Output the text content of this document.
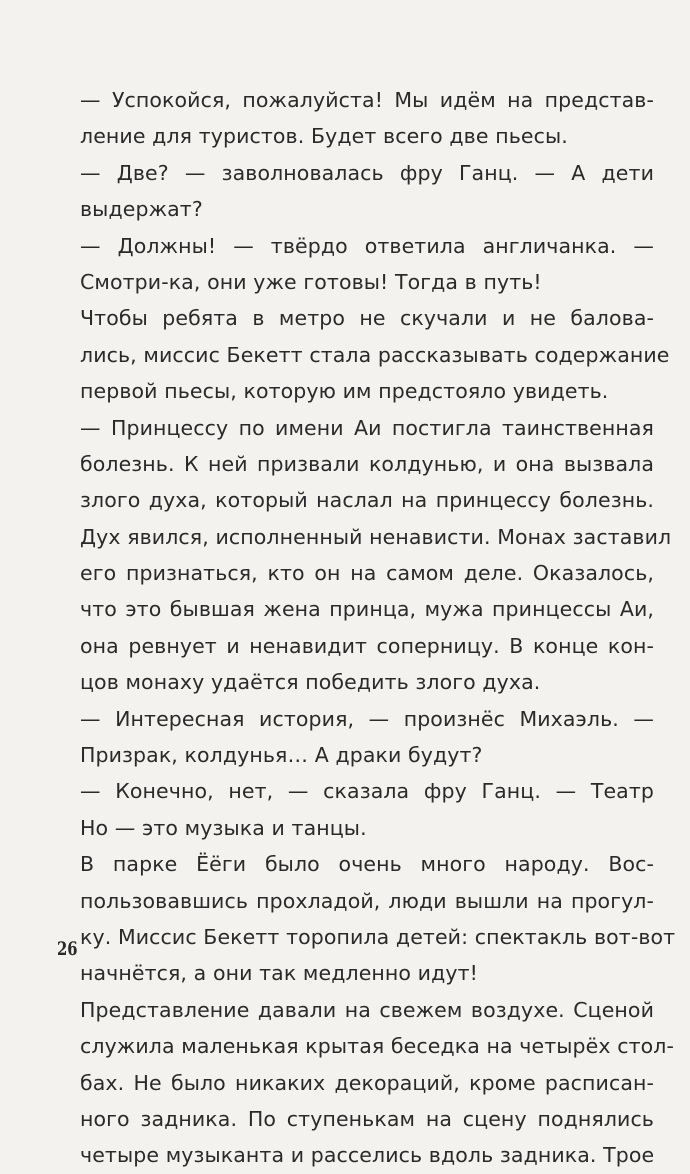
— Успокойся, пожалуйста! Мы идём на представ-
ление для туристов. Будет всего две пьесы.
— Две? — заволновалась фру Ганц. — А дети
выдержат?
— Должны! — твёрдо ответила англичанка. —
Смотри-ка, они уже готовы! Тогда в путь!
Чтобы ребята в метро не скучали и не балова-
лись, миссис Бекетт стала рассказывать содержание
первой пьесы, которую им предстояло увидеть.
— Принцессу по имени Аи постигла таинственная
болезнь. К ней призвали колдунью, и она вызвала
злого духа, который наслал на принцессу болезнь.
Дух явился, исполненный ненависти. Монах заставил
его признаться, кто он на самом деле. Оказалось,
что это бывшая жена принца, мужа принцессы Аи,
она ревнует и ненавидит соперницу. В конце кон-
цов монаху удаётся победить злого духа.
— Интересная история, — произнёс Михаэль. —
Призрак, колдунья… А драки будут?
— Конечно, нет, — сказала фру Ганц. — Театр
Но — это музыка и танцы.
В парке Ёёги было очень много народу. Вос-
пользовавшись прохладой, люди вышли на прогул-
ку. Миссис Бекетт торопила детей: спектакль вот-вот
начнётся, а они так медленно идут!
Представление давали на свежем воздухе. Сценой
служила маленькая крытая беседка на четырёх стол-
бах. Не было никаких декораций, кроме расписан-
ного задника. По ступенькам на сцену поднялись
четыре музыканта и расселись вдоль задника. Трое
26
